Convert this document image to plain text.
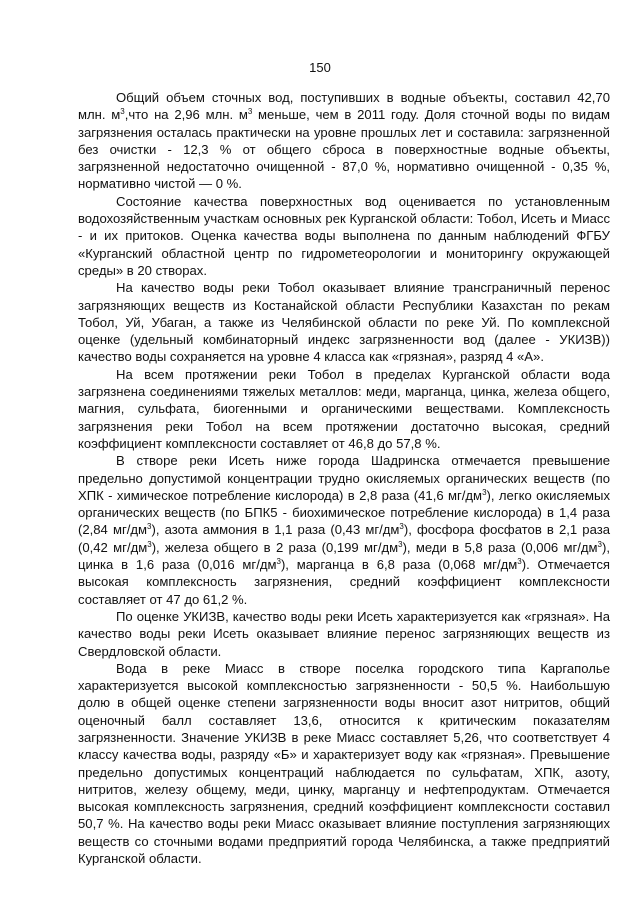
150

Общий объем сточных вод, поступивших в водные объекты, составил 42,70 млн. $м^3,что$ на 2,96 млн. $м^3$ меньше, чем в 2011 году. Доля сточной воды по видам загрязнения осталась практически на уровне прошлых лет и составила: загрязненной без очистки - 12,3 % от общего сброса в поверхностные водные объекты, загрязненной недостаточно очищенной - 87,0 %, нормативно очищенной - 0,35 %, нормативно чистой — 0 %.

Состояние качества поверхностных вод оценивается по установленным водохозяйственным участкам основных рек Курганской области: Тобол, Исеть и Миасс - и их притоков. Оценка качества воды выполнена по данным наблюдений ФГБУ «Курганский областной центр по гидрометеорологии и мониторингу окружающей среды» в 20 створах.

На качество воды реки Тобол оказывает влияние трансграничный перенос загрязняющих веществ из Костанайской области Республики Казахстан по рекам Тобол, Уй, Убаган, а также из Челябинской области по реке Уй. По комплексной оценке (удельный комбинаторный индекс загрязненности вод (далее - УКИЗВ)) качество воды сохраняется на уровне 4 класса как «грязная», разряд 4 «А».

На всем протяжении реки Тобол в пределах Курганской области вода загрязнена соединениями тяжелых металлов: меди, марганца, цинка, железа общего, магния, сульфата, биогенными и органическими веществами. Комплексность загрязнения реки Тобол на всем протяжении достаточно высокая, средний коэффициент комплексности составляет от 46,8 до 57,8 %.

В створе реки Исеть ниже города Шадринска отмечается превышение предельно допустимой концентрации трудно окисляемых органических веществ (по ХПК - химическое потребление кислорода) в 2,8 раза (41,6 $мг/дм^3$), легко окисляемых органических веществ (по БПК5 - биохимическое потребление кислорода) в 1,4 раза (2,84 $мг/дм^3$), азота аммония в 1,1 раза (0,43 $мг/дм^3$), фосфора фосфатов в 2,1 раза (0,42 $мг/дм^3$), железа общего в 2 раза (0,199 $мг/дм^3$), меди в 5,8 раза (0,006 $мг/дм^3$), цинка в 1,6 раза (0,016 $мг/дм^3$), марганца в 6,8 раза (0,068 $мг/дм^3$). Отмечается высокая комплексность загрязнения, средний коэффициент комплексности составляет от 47 до 61,2 %.

По оценке УКИЗВ, качество воды реки Исеть характеризуется как «грязная». На качество воды реки Исеть оказывает влияние перенос загрязняющих веществ из Свердловской области.

Вода в реке Миасс в створе поселка городского типа Каргаполье характеризуется высокой комплексностью загрязненности - 50,5 %. Наибольшую долю в общей оценке степени загрязненности воды вносит азот нитритов, общий оценочный балл составляет 13,6, относится к критическим показателям загрязненности. Значение УКИЗВ в реке Миасс составляет 5,26, что соответствует 4 классу качества воды, разряду «Б» и характеризует воду как «грязная». Превышение предельно допустимых концентраций наблюдается по сульфатам, ХПК, азоту, нитритов, железу общему, меди, цинку, марганцу и нефтепродуктам. Отмечается высокая комплексность загрязнения, средний коэффициент комплексности составил 50,7 %. На качество воды реки Миасс оказывает влияние поступления загрязняющих веществ со сточными водами предприятий города Челябинска, а также предприятий Курганской области.
